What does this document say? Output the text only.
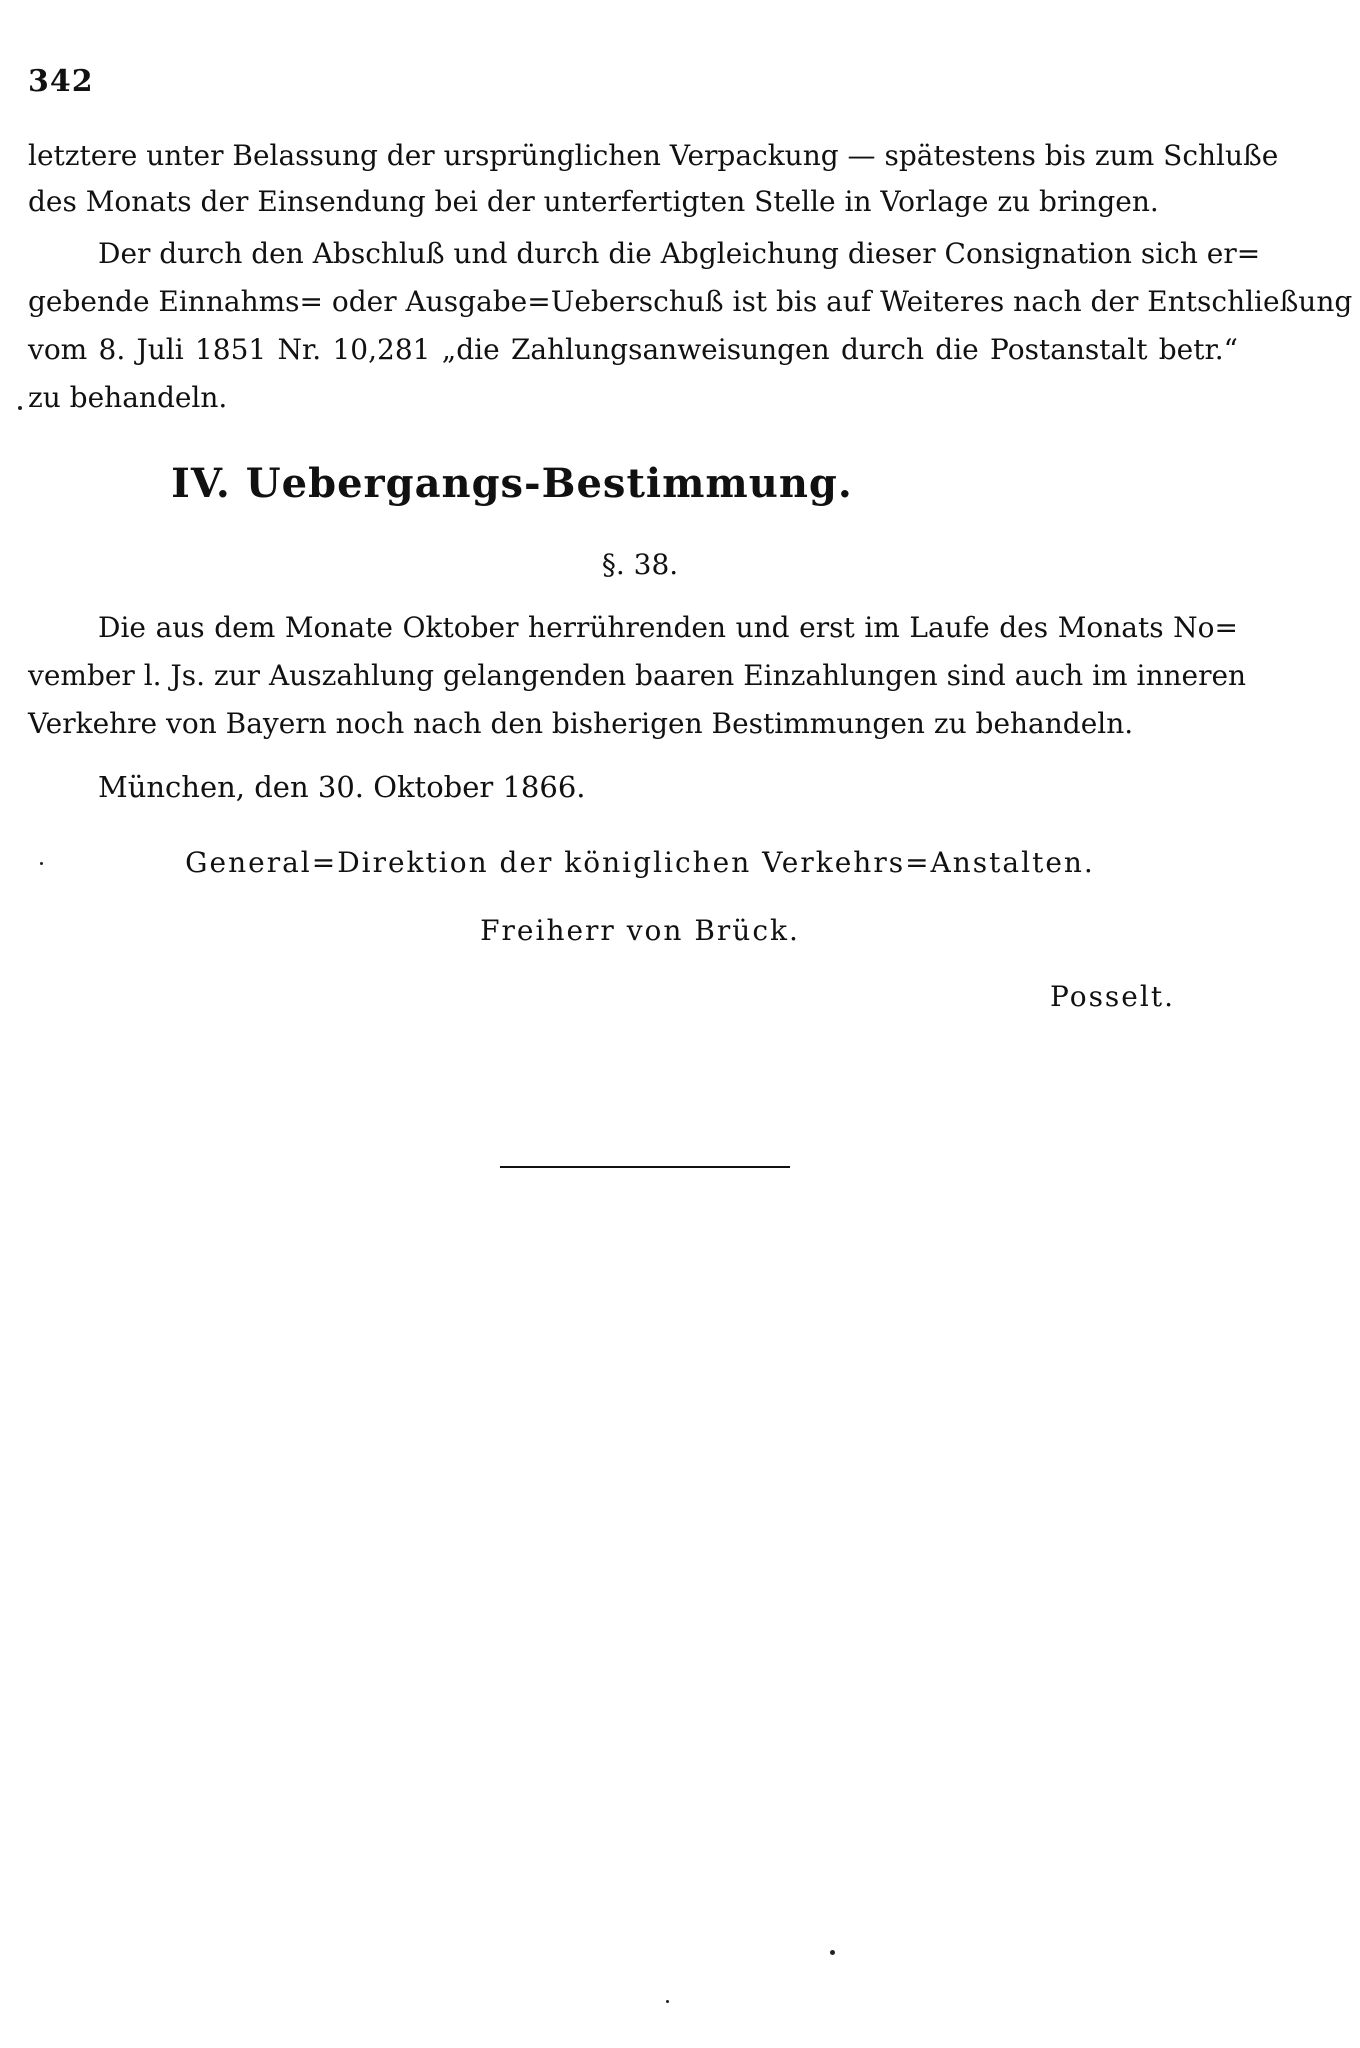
342
letztere unter Belassung der ursprünglichen Verpackung — spätestens bis zum Schluße
des Monats der Einsendung bei der unterfertigten Stelle in Vorlage zu bringen.
Der durch den Abschluß und durch die Abgleichung dieser Consignation sich er=
gebende Einnahms= oder Ausgabe=Ueberschuß ist bis auf Weiteres nach der Entschließung
vom 8. Juli 1851 Nr. 10,281 „die Zahlungsanweisungen durch die Postanstalt betr.“
zu behandeln.
IV. Uebergangs-Bestimmung.
§. 38.
Die aus dem Monate Oktober herrührenden und erst im Laufe des Monats No=
vember l. Js. zur Auszahlung gelangenden baaren Einzahlungen sind auch im inneren
Verkehre von Bayern noch nach den bisherigen Bestimmungen zu behandeln.
München, den 30. Oktober 1866.
General=Direktion der königlichen Verkehrs=Anstalten.
Freiherr von Brück.
Posselt.
